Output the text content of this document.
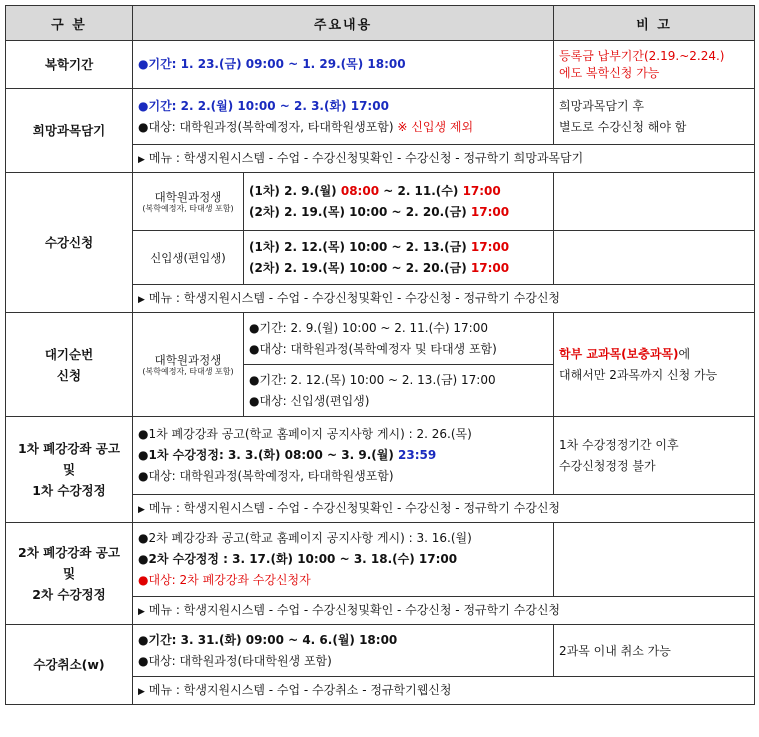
구 분	주요내용		비 고
복학기간	●기간: 1. 23.(금) 09:00 ~ 1. 29.(목) 18:00		등록금 납부기간(2.19.~2.24.)
에도 복학신청 가능

희망과목담기	●기간: 2. 2.(월) 10:00 ~ 2. 3.(화) 17:00
●대상: 대학원과정(복학예정자, 타대학원생포함) ※ 신입생 제외		희망과목담기 후
별도로 수강신청 해야 함

	▶ 메뉴 : 학생지원시스템 - 수업 - 수강신청및확인 - 수강신청 - 정규학기 희망과목담기		
수강신청	대학원과정생
(복학예정자, 타대생 포함)	(1차) 2. 9.(월) 08:00 ~ 2. 11.(수) 17:00
(2차) 2. 19.(목) 10:00 ~ 2. 20.(금) 17:00	

	신입생(편입생)	(1차) 2. 12.(목) 10:00 ~ 2. 13.(금) 17:00
(2차) 2. 19.(목) 10:00 ~ 2. 20.(금) 17:00	

	▶ 메뉴 : 학생지원시스템 - 수업 - 수강신청및확인 - 수강신청 - 정규학기 수강신청		

대기순번
신청	대학원과정생
(복학예정자, 타대생 포함)	●기간: 2. 9.(월) 10:00 ~ 2. 11.(수) 17:00
●대상: 대학원과정(복학예정자 및 타대생 포함)	학부 교과목(보충과목)에
대해서만 2과목까지 신청 가능

		●기간: 2. 12.(목) 10:00 ~ 2. 13.(금) 17:00
●대상: 신입생(편입생)	

1차 폐강강좌 공고
및
1차 수강정정	●1차 폐강강좌 공고(학교 홈페이지 공지사항 게시) : 2. 26.(목)
●1차 수강정정: 3. 3.(화) 08:00 ~ 3. 9.(월) 23:59
●대상: 대학원과정(복학예정자, 타대학원생포함)		1차 수강정정기간 이후
수강신청정정 불가

	▶ 메뉴 : 학생지원시스템 - 수업 - 수강신청및확인 - 수강신청 - 정규학기 수강신청		

2차 폐강강좌 공고
및
2차 수강정정	●2차 폐강강좌 공고(학교 홈페이지 공지사항 게시) : 3. 16.(월)
●2차 수강정정 : 3. 17.(화) 10:00 ~ 3. 18.(수) 17:00
●대상: 2차 폐강강좌 수강신청자		

	▶ 메뉴 : 학생지원시스템 - 수업 - 수강신청및확인 - 수강신청 - 정규학기 수강신청		
수강취소(w)	●기간: 3. 31.(화) 09:00 ~ 4. 6.(월) 18:00
●대상: 대학원과정(타대학원생 포함)		2과목 이내 취소 가능
	▶ 메뉴 : 학생지원시스템 - 수업 - 수강취소 - 정규학기웹신청		
